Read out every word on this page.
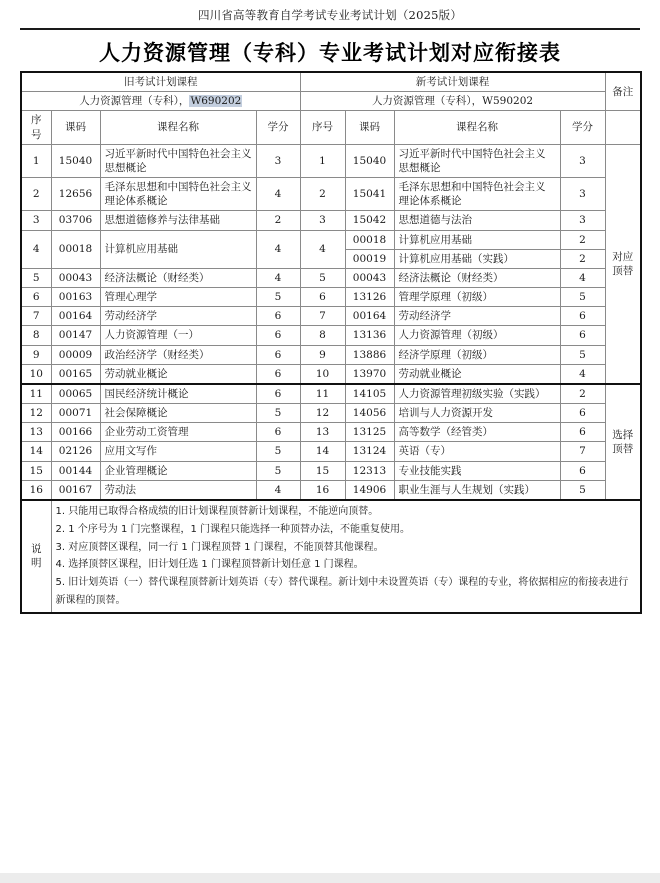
四川省高等教育自学考试专业考试计划（2025版）
人力资源管理（专科）专业考试计划对应衔接表
旧考试计划课程				新考试计划课程				备注
人力资源管理（专科），W690202				人力资源管理（专科），W590202				
序号	课码	课程名称	学分	序号	课码	课程名称	学分	
1	15040	习近平新时代中国特色社会主义思想概论	3	1	15040	习近平新时代中国特色社会主义思想概论	3	对应
顶替
2	12656	毛泽东思想和中国特色社会主义理论体系概论	4	2	15041	毛泽东思想和中国特色社会主义理论体系概论	3	
3	03706	思想道德修养与法律基础	2	3	15042	思想道德与法治	3	
4	00018	计算机应用基础	4	4	00018	计算机应用基础	2	
					00019	计算机应用基础（实践）	2	
5	00043	经济法概论（财经类）	4	5	00043	经济法概论（财经类）	4	
6	00163	管理心理学	5	6	13126	管理学原理（初级）	5	
7	00164	劳动经济学	6	7	00164	劳动经济学	6	
8	00147	人力资源管理（一）	6	8	13136	人力资源管理（初级）	6	
9	00009	政治经济学（财经类）	6	9	13886	经济学原理（初级）	5	
10	00165	劳动就业概论	6	10	13970	劳动就业概论	4	
11	00065	国民经济统计概论	6	11	14105	人力资源管理初级实验（实践）	2	选择
顶替
12	00071	社会保障概论	5	12	14056	培训与人力资源开发	6	
13	00166	企业劳动工资管理	6	13	13125	高等数学（经管类）	6	
14	02126	应用文写作	5	14	13124	英语（专）	7	
15	00144	企业管理概论	5	15	12313	专业技能实践	6	
16	00167	劳动法	4	16	14906	职业生涯与人生规划（实践）	5	
说
明	
1. 只能用已取得合格成绩的旧计划课程顶替新计划课程，不能逆向顶替。
2. 1 个序号为 1 门完整课程，1 门课程只能选择一种顶替办法，不能重复使用。
3. 对应顶替区课程，同一行 1 门课程顶替 1 门课程，不能顶替其他课程。
4. 选择顶替区课程，旧计划任选 1 门课程顶替新计划任意 1 门课程。
5. 旧计划英语（一）替代课程顶替新计划英语（专）替代课程。新计划中未设置英语（专）课程的专业，将依据相应的衔接表进行新课程的顶替。
